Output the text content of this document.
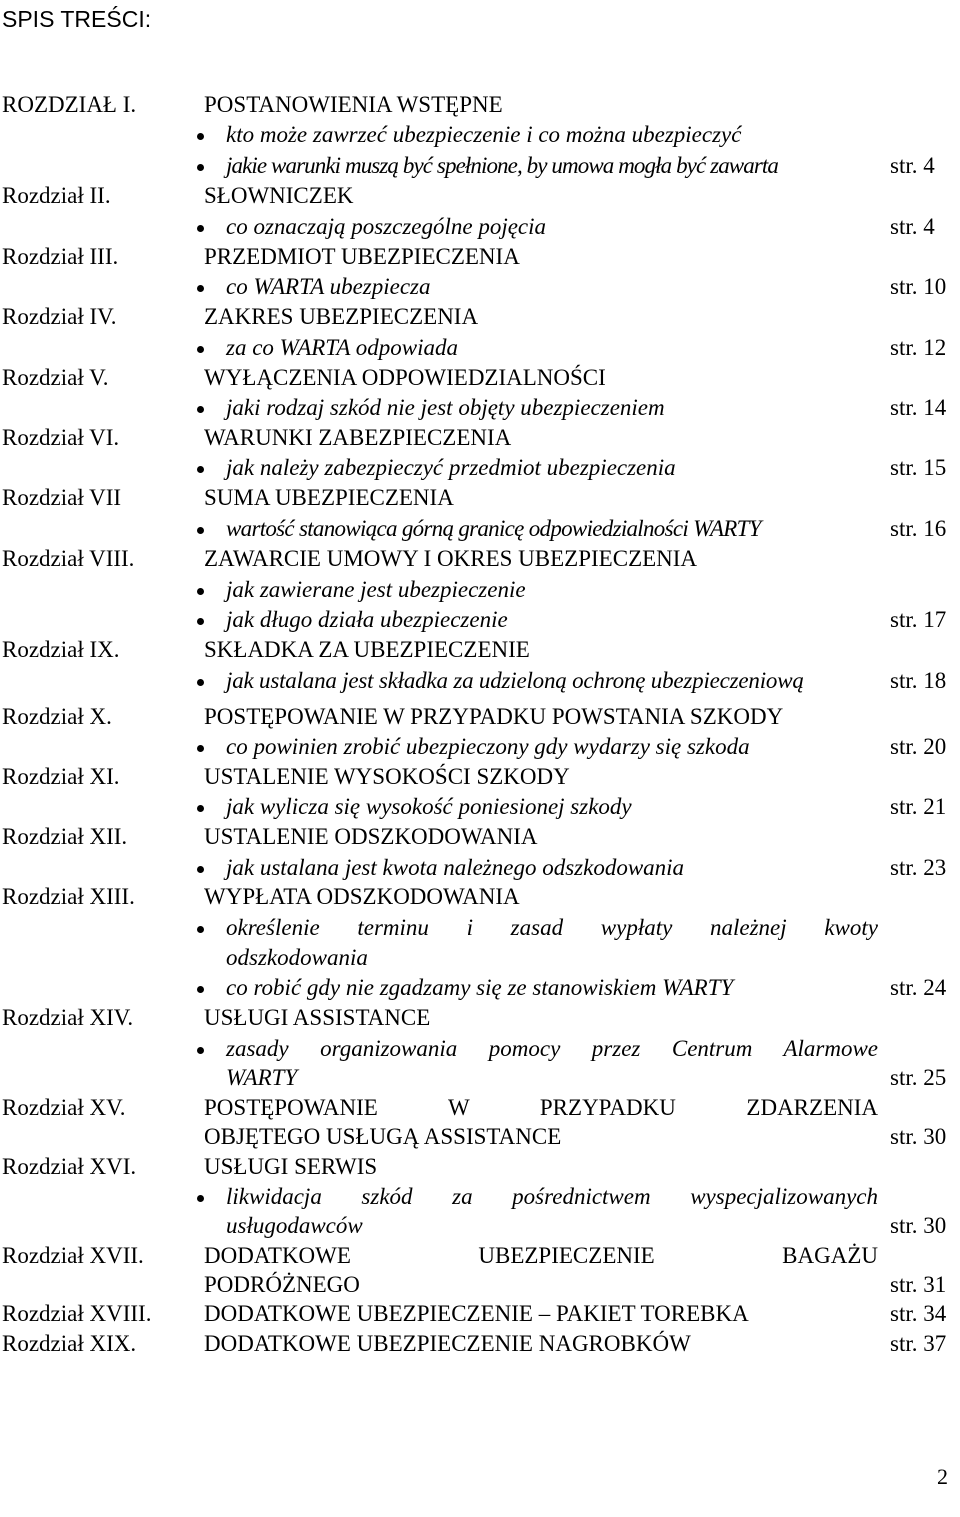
SPIS TREŚCI:
ROZDZIAŁ I.	POSTANOWIENIA WSTĘPNE
kto może zawrzeć ubezpieczenie i co można ubezpieczyć
jakie warunki muszą być spełnione, by umowa mogła być zawarta	str. 4
Rozdział II.	SŁOWNICZEK
co oznaczają poszczególne pojęcia	str. 4
Rozdział III.	PRZEDMIOT UBEZPIECZENIA
co WARTA ubezpiecza	str. 10
Rozdział IV.	ZAKRES UBEZPIECZENIA
za co WARTA odpowiada	str. 12
Rozdział V.	WYŁĄCZENIA ODPOWIEDZIALNOŚCI
jaki rodzaj szkód nie jest objęty ubezpieczeniem	str. 14
Rozdział VI.	WARUNKI ZABEZPIECZENIA
jak należy zabezpieczyć przedmiot ubezpieczenia	str. 15
Rozdział VII	SUMA UBEZPIECZENIA
wartość stanowiąca górną granicę odpowiedzialności WARTY	str. 16
Rozdział VIII.	ZAWARCIE UMOWY I OKRES UBEZPIECZENIA
jak zawierane jest ubezpieczenie
jak długo działa ubezpieczenie	str. 17
Rozdział IX.	SKŁADKA ZA UBEZPIECZENIE
jak ustalana jest składka za udzieloną ochronę ubezpieczeniową	str. 18
Rozdział X.	POSTĘPOWANIE W PRZYPADKU POWSTANIA SZKODY
co powinien zrobić ubezpieczony gdy wydarzy się szkoda	str. 20
Rozdział XI.	USTALENIE WYSOKOŚCI SZKODY
jak wylicza się wysokość poniesionej szkody	str. 21
Rozdział XII.	USTALENIE ODSZKODOWANIA
jak ustalana jest kwota należnego odszkodowania	str. 23
Rozdział XIII.	WYPŁATA ODSZKODOWANIA
określenie terminu i zasad wypłaty należnej kwoty
odszkodowania
co robić gdy nie zgadzamy się ze stanowiskiem WARTY	str. 24
Rozdział XIV.	USŁUGI ASSISTANCE
zasady organizowania pomocy przez Centrum Alarmowe
WARTY	str. 25
Rozdział XV.	POSTĘPOWANIE W PRZYPADKU ZDARZENIA
OBJĘTEGO USŁUGĄ ASSISTANCE	str. 30
Rozdział XVI.	USŁUGI SERWIS
likwidacja szkód za pośrednictwem wyspecjalizowanych
usługodawców	str. 30
Rozdział XVII.	DODATKOWE UBEZPIECZENIE BAGAŻU
PODRÓŻNEGO	str. 31
Rozdział XVIII. DODATKOWE UBEZPIECZENIE – PAKIET TOREBKA	str. 34
Rozdział XIX.	DODATKOWE UBEZPIECZENIE NAGROBKÓW	str. 37
2
